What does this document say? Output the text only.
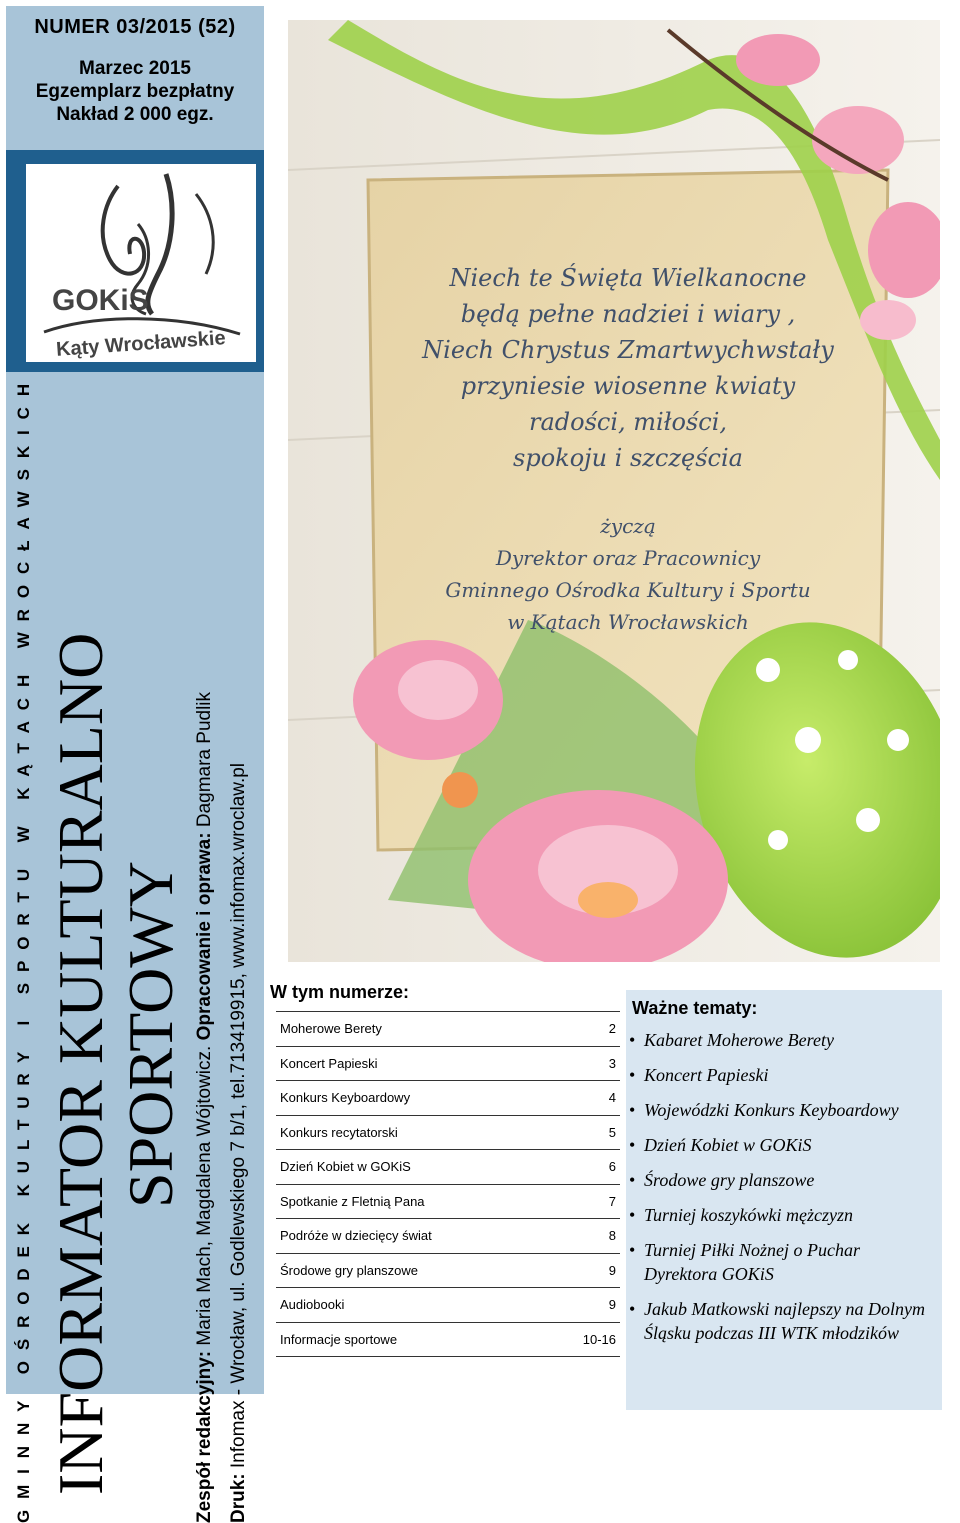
NUMER 03/2015 (52)
Marzec 2015
Egzemplarz bezpłatny
Nakład 2 000 egz.
GOKiS
Kąty Wrocławskie
GMINNY OŚRODEK KULTURY I SPORTU W KĄTACH WROCŁAWSKICH INFORMATOR KULTURALNO SPORTOWY
Zespół redakcyjny: Maria Mach, Magdalena Wójtowicz. Opracowanie i oprawa: Dagmara Pudlik
Druk: Infomax - Wrocław, ul. Godlewskiego 7 b/1, tel.713419915, www.infomax.wroclaw.pl
Niech te Święta Wielkanocne
będą pełne nadziei i wiary ,
Niech Chrystus Zmartwychwstały
przyniesie wiosenne kwiaty
radości, miłości,
spokoju i szczęścia
życzą
Dyrektor oraz Pracownicy
Gminnego Ośrodka Kultury i Sportu
w Kątach Wrocławskich
W tym numerze:
Moherowe Berety	2
Koncert Papieski	3
Konkurs Keyboardowy	4
Konkurs recytatorski	5
Dzień Kobiet w GOKiS	6
Spotkanie z Fletnią Pana	7
Podróże w dziecięcy świat	8
Środowe gry planszowe	9
Audiobooki	9
Informacje sportowe	10-16
Ważne tematy:
• Kabaret Moherowe Berety
• Koncert Papieski
• Wojewódzki Konkurs Keyboardowy
• Dzień Kobiet w GOKiS
• Środowe gry planszowe
• Turniej koszykówki mężczyzn
• Turniej Piłki Nożnej o Puchar Dyrektora GOKiS
• Jakub Matkowski najlepszy na Dolnym Śląsku podczas III WTK młodzików
